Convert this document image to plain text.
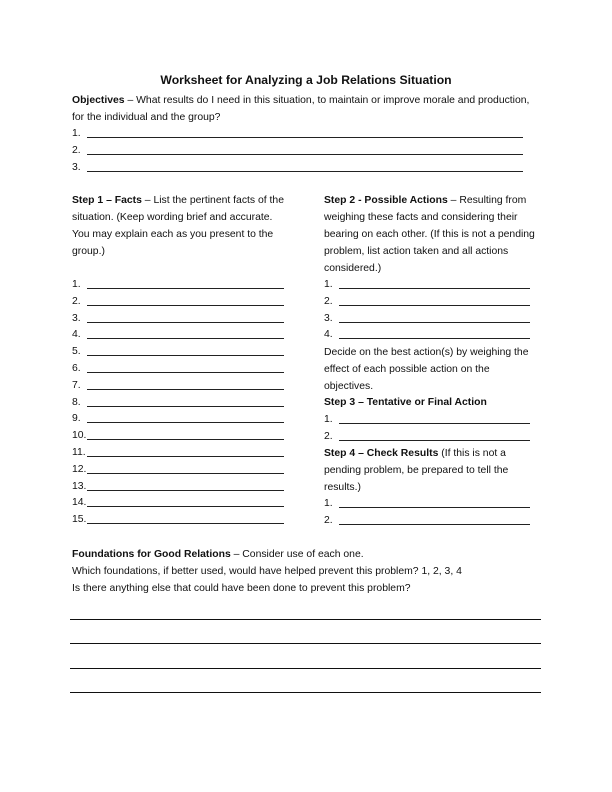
Worksheet for Analyzing a Job Relations Situation
Objectives – What results do I need in this situation, to maintain or improve morale and production, for the individual and the group?
1.
2.
3.
Step 1 – Facts – List the pertinent facts of the situation. (Keep wording brief and accurate. You may explain each as you present to the group.)
1.
2.
3.
4.
5.
6.
7.
8.
9.
10.
11.
12.
13.
14.
15.
Step 2 - Possible Actions – Resulting from weighing these facts and considering their bearing on each other. (If this is not a pending problem, list action taken and all actions considered.)
1.
2.
3.
4.
Decide on the best action(s) by weighing the effect of each possible action on the objectives.
Step 3 – Tentative or Final Action
1.
2.
Step 4 – Check Results (If this is not a pending problem, be prepared to tell the results.)
1.
2.
Foundations for Good Relations – Consider use of each one.
Which foundations, if better used, would have helped prevent this problem? 1, 2, 3, 4
Is there anything else that could have been done to prevent this problem?
